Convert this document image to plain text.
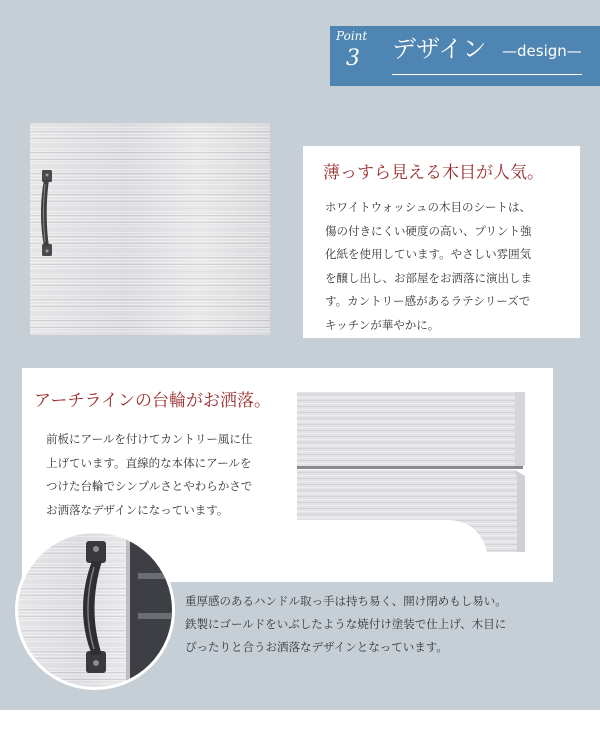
Point
3 デザイン —design—
薄っすら見える木目が人気。
ホワイトウォッシュの木目のシートは、
傷の付きにくい硬度の高い、プリント強
化紙を使用しています。やさしい雰囲気
を醸し出し、お部屋をお洒落に演出しま
す。カントリー感があるラテシリーズで
キッチンが華やかに。
アーチラインの台輪がお洒落。
前板にアールを付けてカントリー風に仕
上げています。直線的な本体にアールを
つけた台輪でシンプルさとやわらかさで
お洒落なデザインになっています。
重厚感のあるハンドル取っ手は持ち易く、開け閉めもし易い。
鉄製にゴールドをいぶしたような焼付け塗装で仕上げ、木目に
ぴったりと合うお洒落なデザインとなっています。
